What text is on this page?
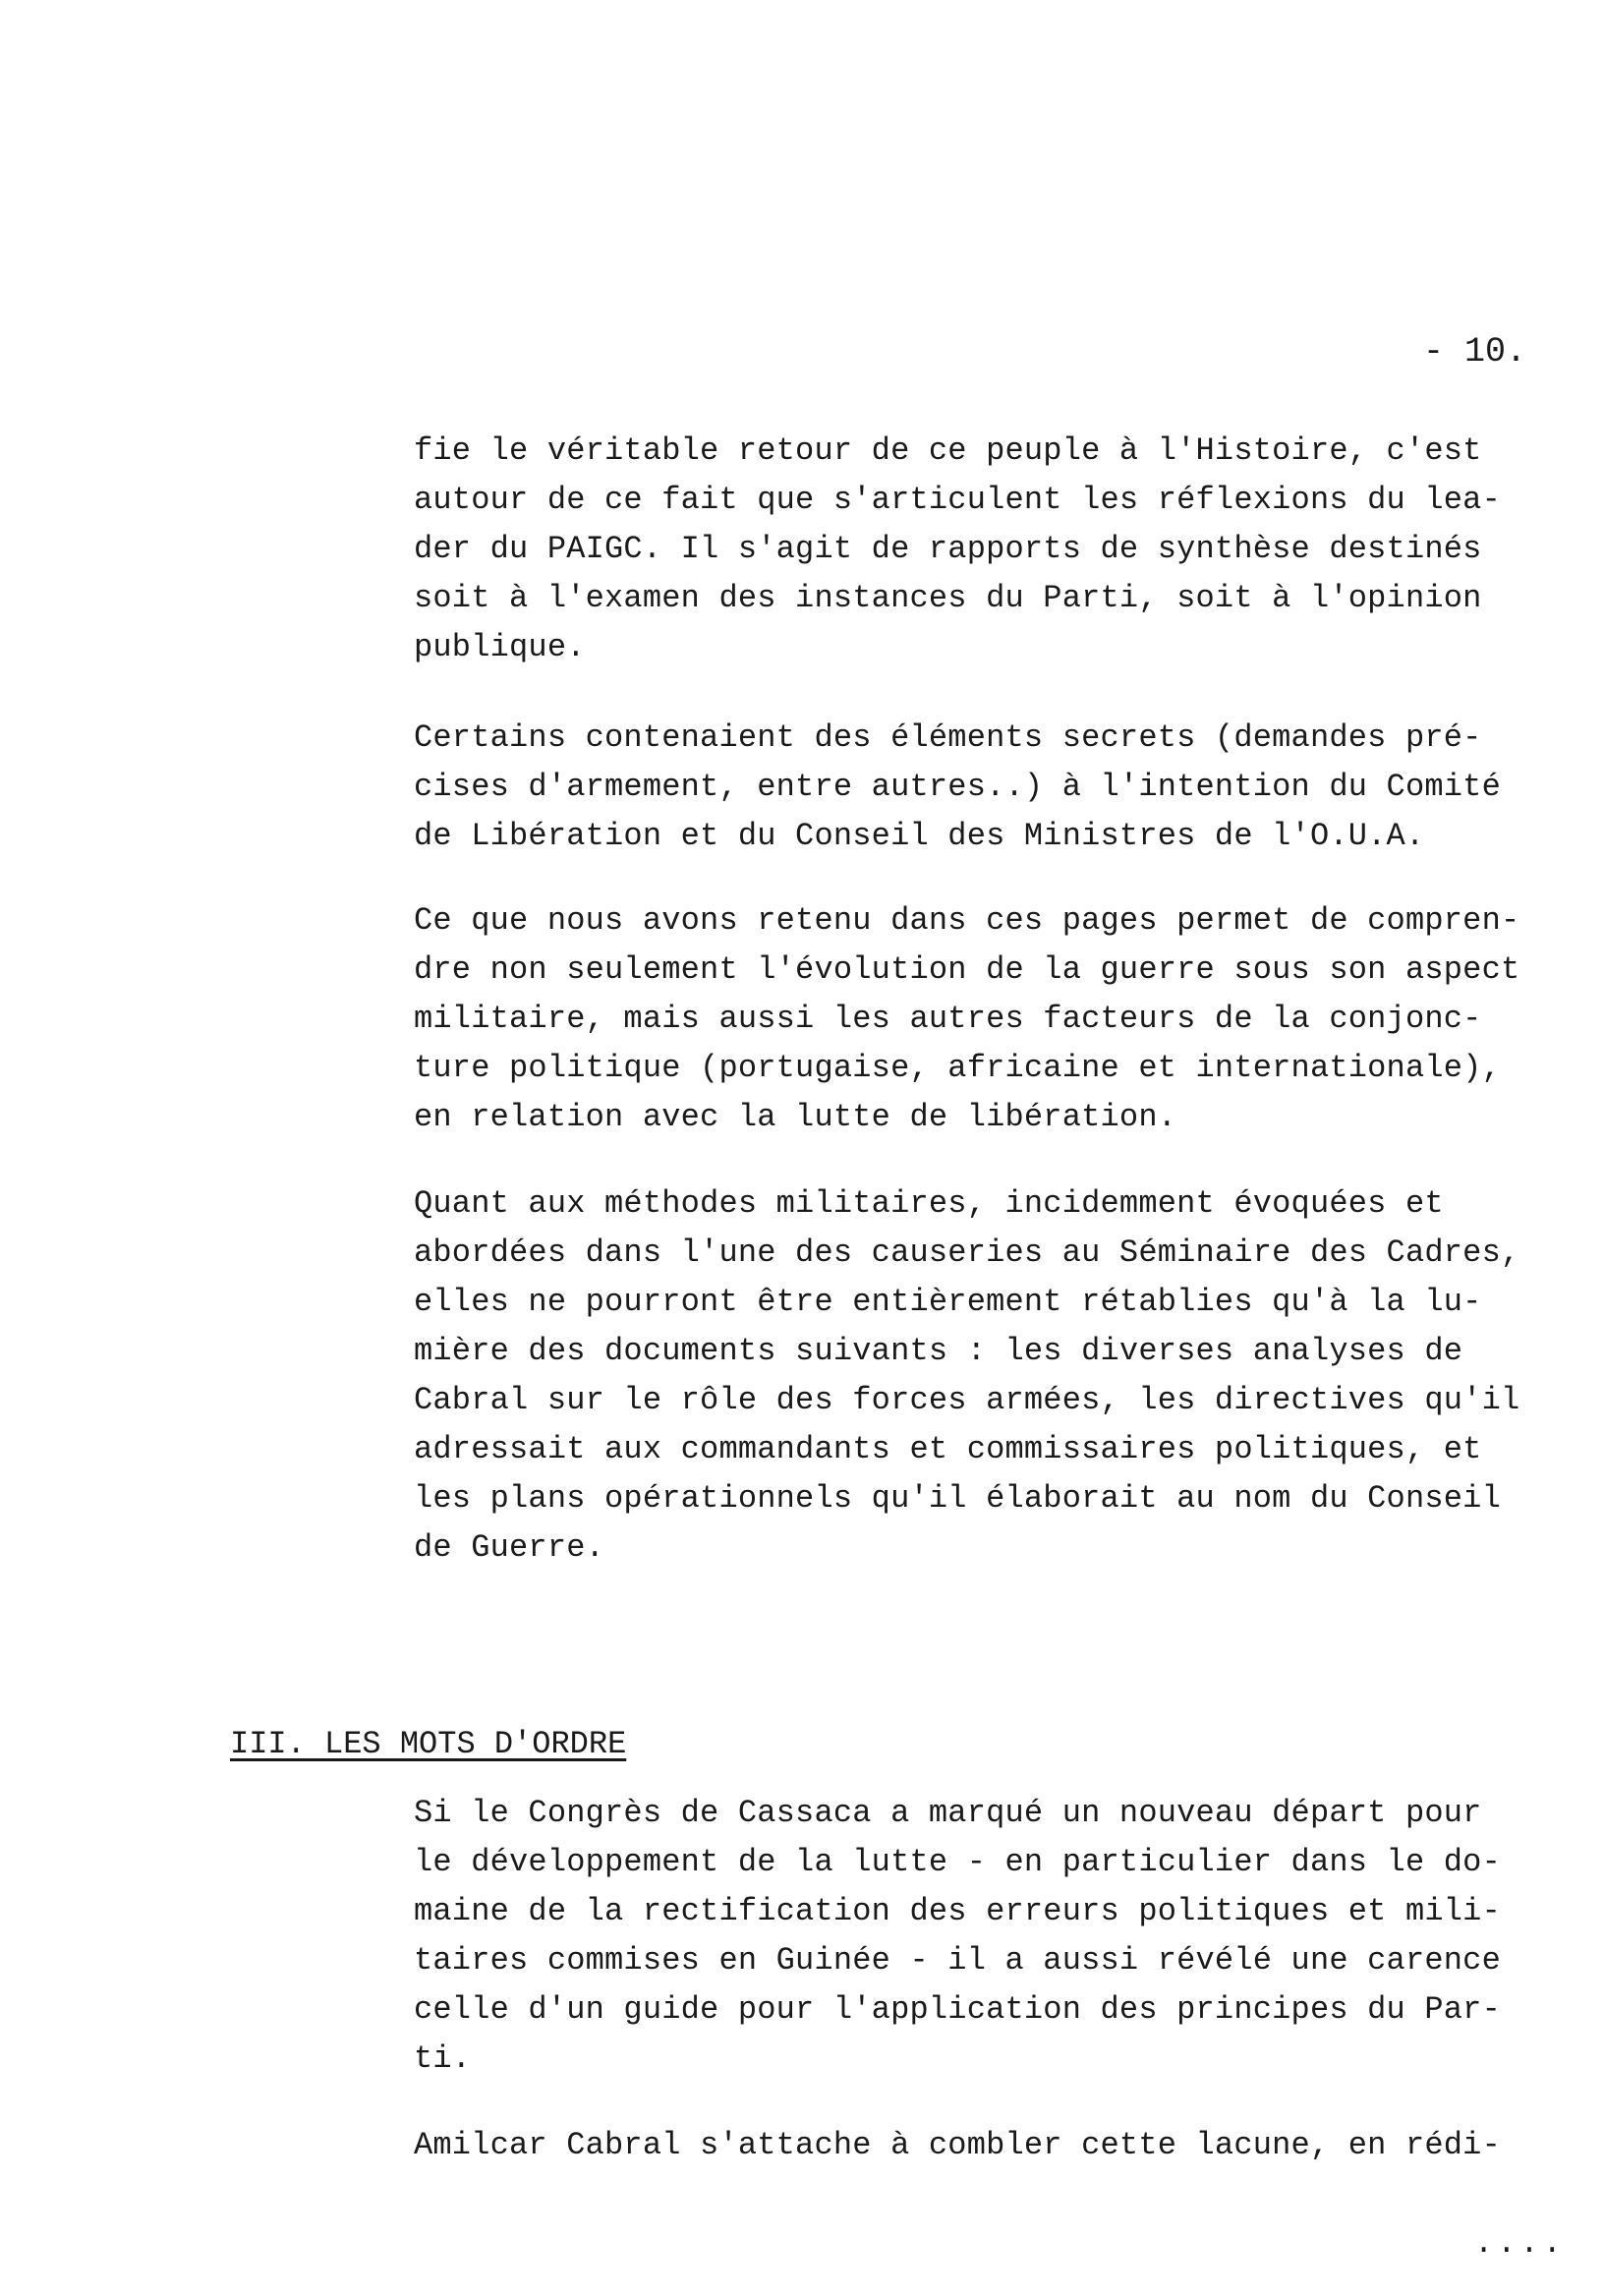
- 10.
fie le véritable retour de ce peuple à l'Histoire, c'est
autour de ce fait que s'articulent les réflexions du lea-
der du PAIGC. Il s'agit de rapports de synthèse destinés
soit à l'examen des instances du Parti, soit à l'opinion
publique.
Certains contenaient des éléments secrets (demandes pré-
cises d'armement, entre autres..) à l'intention du Comité
de Libération et du Conseil des Ministres de l'O.U.A.
Ce que nous avons retenu dans ces pages permet de compren-
dre non seulement l'évolution de la guerre sous son aspect
militaire, mais aussi les autres facteurs de la conjonc-
ture politique (portugaise, africaine et internationale),
en relation avec la lutte de libération.
Quant aux méthodes militaires, incidemment évoquées et
abordées dans l'une des causeries au Séminaire des Cadres,
elles ne pourront être entièrement rétablies qu'à la lu-
mière des documents suivants : les diverses analyses de
Cabral sur le rôle des forces armées, les directives qu'il
adressait aux commandants et commissaires politiques, et
les plans opérationnels qu'il élaborait au nom du Conseil
de Guerre.
III. LES MOTS D'ORDRE
Si le Congrès de Cassaca a marqué un nouveau départ pour
le développement de la lutte - en particulier dans le do-
maine de la rectification des erreurs politiques et mili-
taires commises en Guinée - il a aussi révélé une carence
celle d'un guide pour l'application des principes du Par-
ti.
Amilcar Cabral s'attache à combler cette lacune, en rédi-
....
